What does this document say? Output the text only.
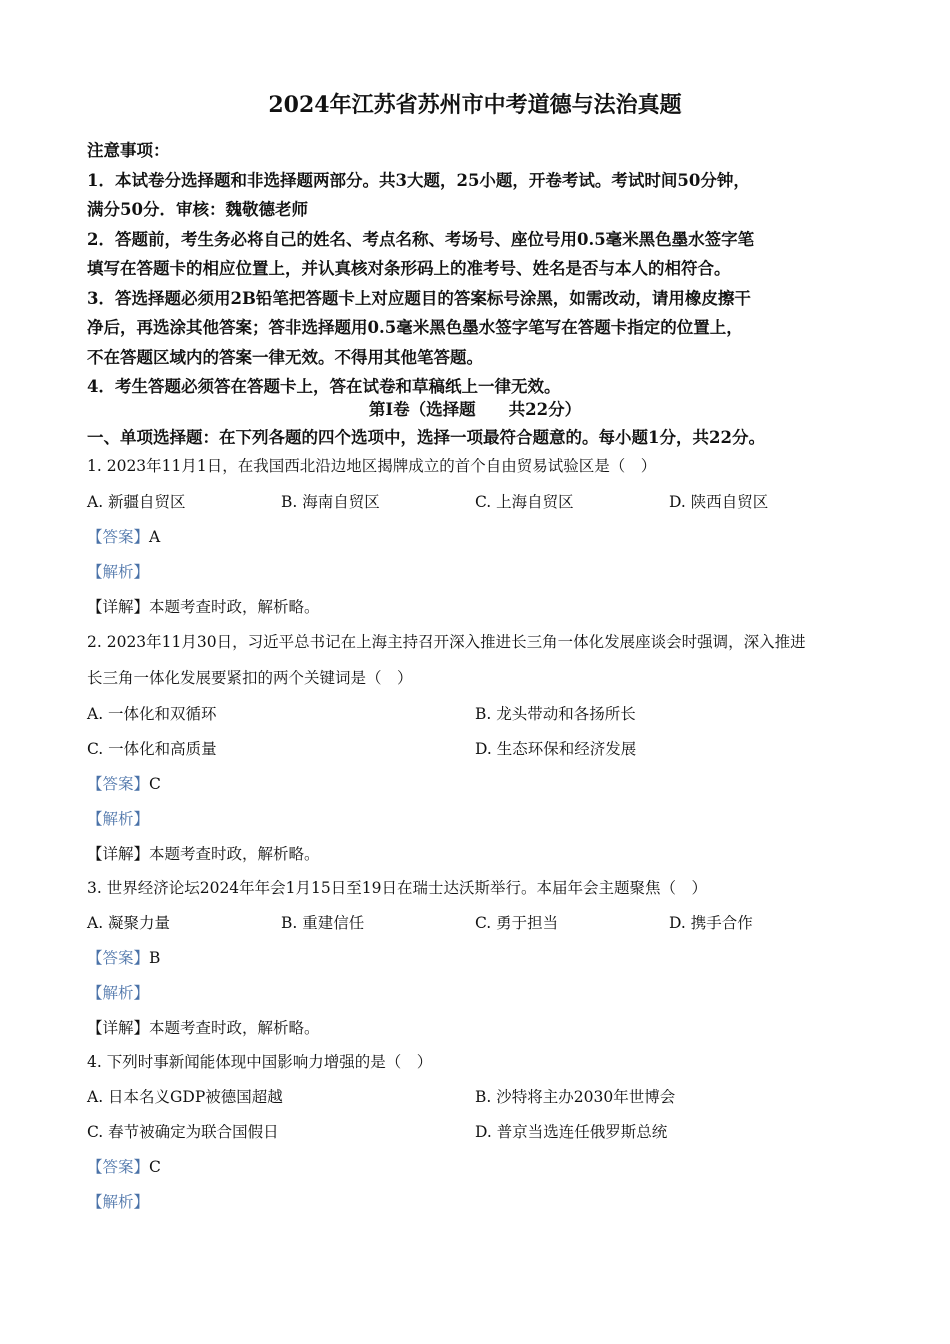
2024年江苏省苏州市中考道德与法治真题
注意事项：
1．本试卷分选择题和非选择题两部分。共3大题，25小题，开卷考试。考试时间50分钟，
满分50分．审核：魏敬德老师
2．答题前，考生务必将自己的姓名、考点名称、考场号、座位号用0.5毫米黑色墨水签字笔
填写在答题卡的相应位置上，并认真核对条形码上的准考号、姓名是否与本人的相符合。
3．答选择题必须用2B铅笔把答题卡上对应题目的答案标号涂黑，如需改动，请用橡皮擦干
净后，再选涂其他答案；答非选择题用0.5毫米黑色墨水签字笔写在答题卡指定的位置上，
不在答题区域内的答案一律无效。不得用其他笔答题。
4．考生答题必须答在答题卡上，答在试卷和草稿纸上一律无效。
第I卷（选择题　　共22分）
一、单项选择题：在下列各题的四个选项中，选择一项最符合题意的。每小题1分，共22分。
1. 2023年11月1日，在我国西北沿边地区揭牌成立的首个自由贸易试验区是（　）
A. 新疆自贸区	B. 海南自贸区	C. 上海自贸区	D. 陕西自贸区
【答案】A
【解析】
【详解】本题考查时政，解析略。
2. 2023年11月30日，习近平总书记在上海主持召开深入推进长三角一体化发展座谈会时强调，深入推进
长三角一体化发展要紧扣的两个关键词是（　）
A. 一体化和双循环	B. 龙头带动和各扬所长
C. 一体化和高质量	D. 生态环保和经济发展
【答案】C
【解析】
【详解】本题考查时政，解析略。
3. 世界经济论坛2024年年会1月15日至19日在瑞士达沃斯举行。本届年会主题聚焦（　）
A. 凝聚力量	B. 重建信任	C. 勇于担当	D. 携手合作
【答案】B
【解析】
【详解】本题考查时政，解析略。
4. 下列时事新闻能体现中国影响力增强的是（　）
A. 日本名义GDP被德国超越	B. 沙特将主办2030年世博会
C. 春节被确定为联合国假日	D. 普京当选连任俄罗斯总统
【答案】C
【解析】
